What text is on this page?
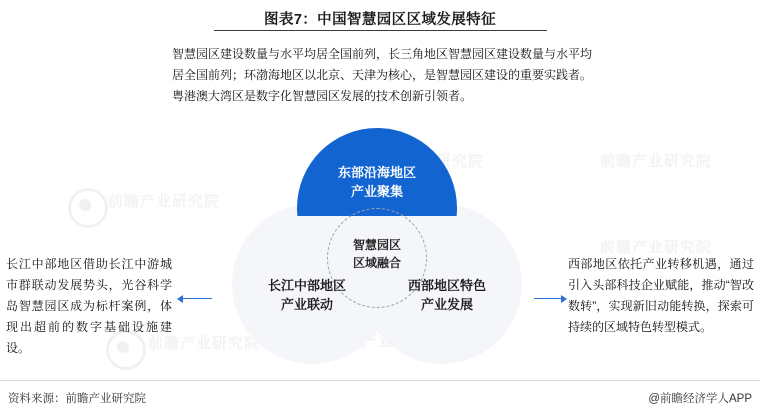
前瞻产业研究院
前瞻产业研究院
前瞻产业研究院
前瞻产业研究院
图表7：中国智慧园区区域发展特征
智慧园区建设数量与水平均居全国前列，长三角地区智慧园区建设数量与水平均居全国前列；环渤海地区以北京、天津为核心，是智慧园区建设的重要实践者。粤港澳大湾区是数字化智慧园区发展的技术创新引领者。
东部沿海地区
产业聚集
智慧园区
区域融合
长江中部地区
产业联动
西部地区特色
产业发展
长江中部地区借助长江中游城市群联动发展势头，光谷科学岛智慧园区成为标杆案例，体现出超前的数字基础设施建设。
西部地区依托产业转移机遇，通过引入头部科技企业赋能，推动“智改数转”，实现新旧动能转换，探索可持续的区域特色转型模式。
资料来源：前瞻产业研究院	@前瞻经济学人APP
